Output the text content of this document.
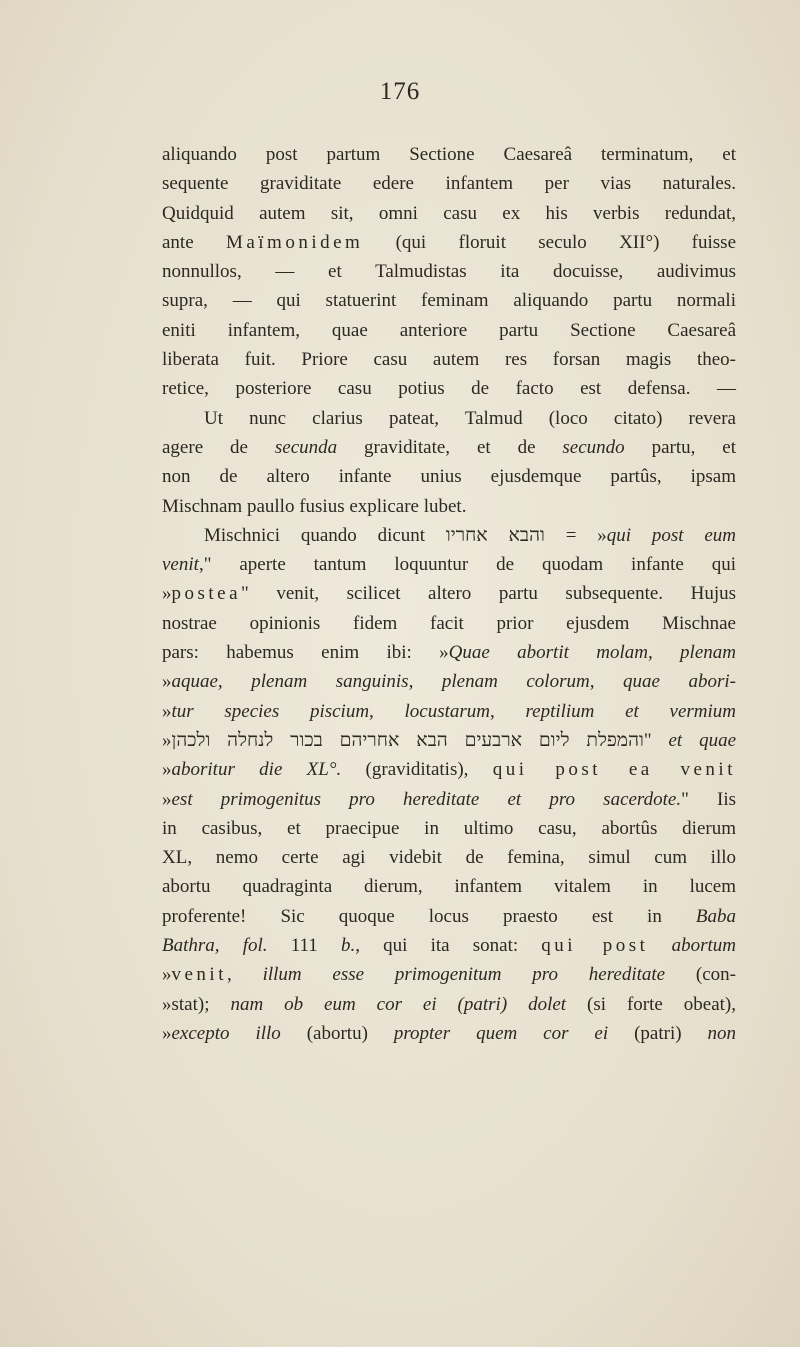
176
aliquando post partum Sectione Caesareâ terminatum, et
sequente graviditate edere infantem per vias naturales.
Quidquid autem sit, omni casu ex his verbis redundat,
ante Maïmonidem (qui floruit seculo XII°) fuisse
nonnullos, — et Talmudistas ita docuisse, audivimus
supra, — qui statuerint feminam aliquando partu normali
eniti infantem, quae anteriore partu Sectione Caesareâ
liberata fuit. Priore casu autem res forsan magis theo-
retice, posteriore casu potius de facto est defensa. —
Ut nunc clarius pateat, Talmud (loco citato) revera
agere de secunda graviditate, et de secundo partu, et
non de altero infante unius ejusdemque partûs, ipsam
Mischnam paullo fusius explicare lubet.
Mischnici quando dicunt והבא אחריו = »qui post eum
venit," aperte tantum loquuntur de quodam infante qui
»postea" venit, scilicet altero partu subsequente. Hujus
nostrae opinionis fidem facit prior ejusdem Mischnae
pars: habemus enim ibi: »Quae abortit molam, plenam
»aquae, plenam sanguinis, plenam colorum, quae abori-
»tur species piscium, locustarum, reptilium et vermium
»והמפלת ליום ארבעים הבא אחריהם בכור לנחלה ולכהן" et quae
»aboritur die XL°. (graviditatis), qui post ea venit
»est primogenitus pro hereditate et pro sacerdote." Iis
in casibus, et praecipue in ultimo casu, abortûs dierum
XL, nemo certe agi videbit de femina, simul cum illo
abortu quadraginta dierum, infantem vitalem in lucem
proferente! Sic quoque locus praesto est in Baba
Bathra, fol. 111 b., qui ita sonat: qui post abortum
»venit, illum esse primogenitum pro hereditate (con-
»stat); nam ob eum cor ei (patri) dolet (si forte obeat),
»excepto illo (abortu) propter quem cor ei (patri) non
